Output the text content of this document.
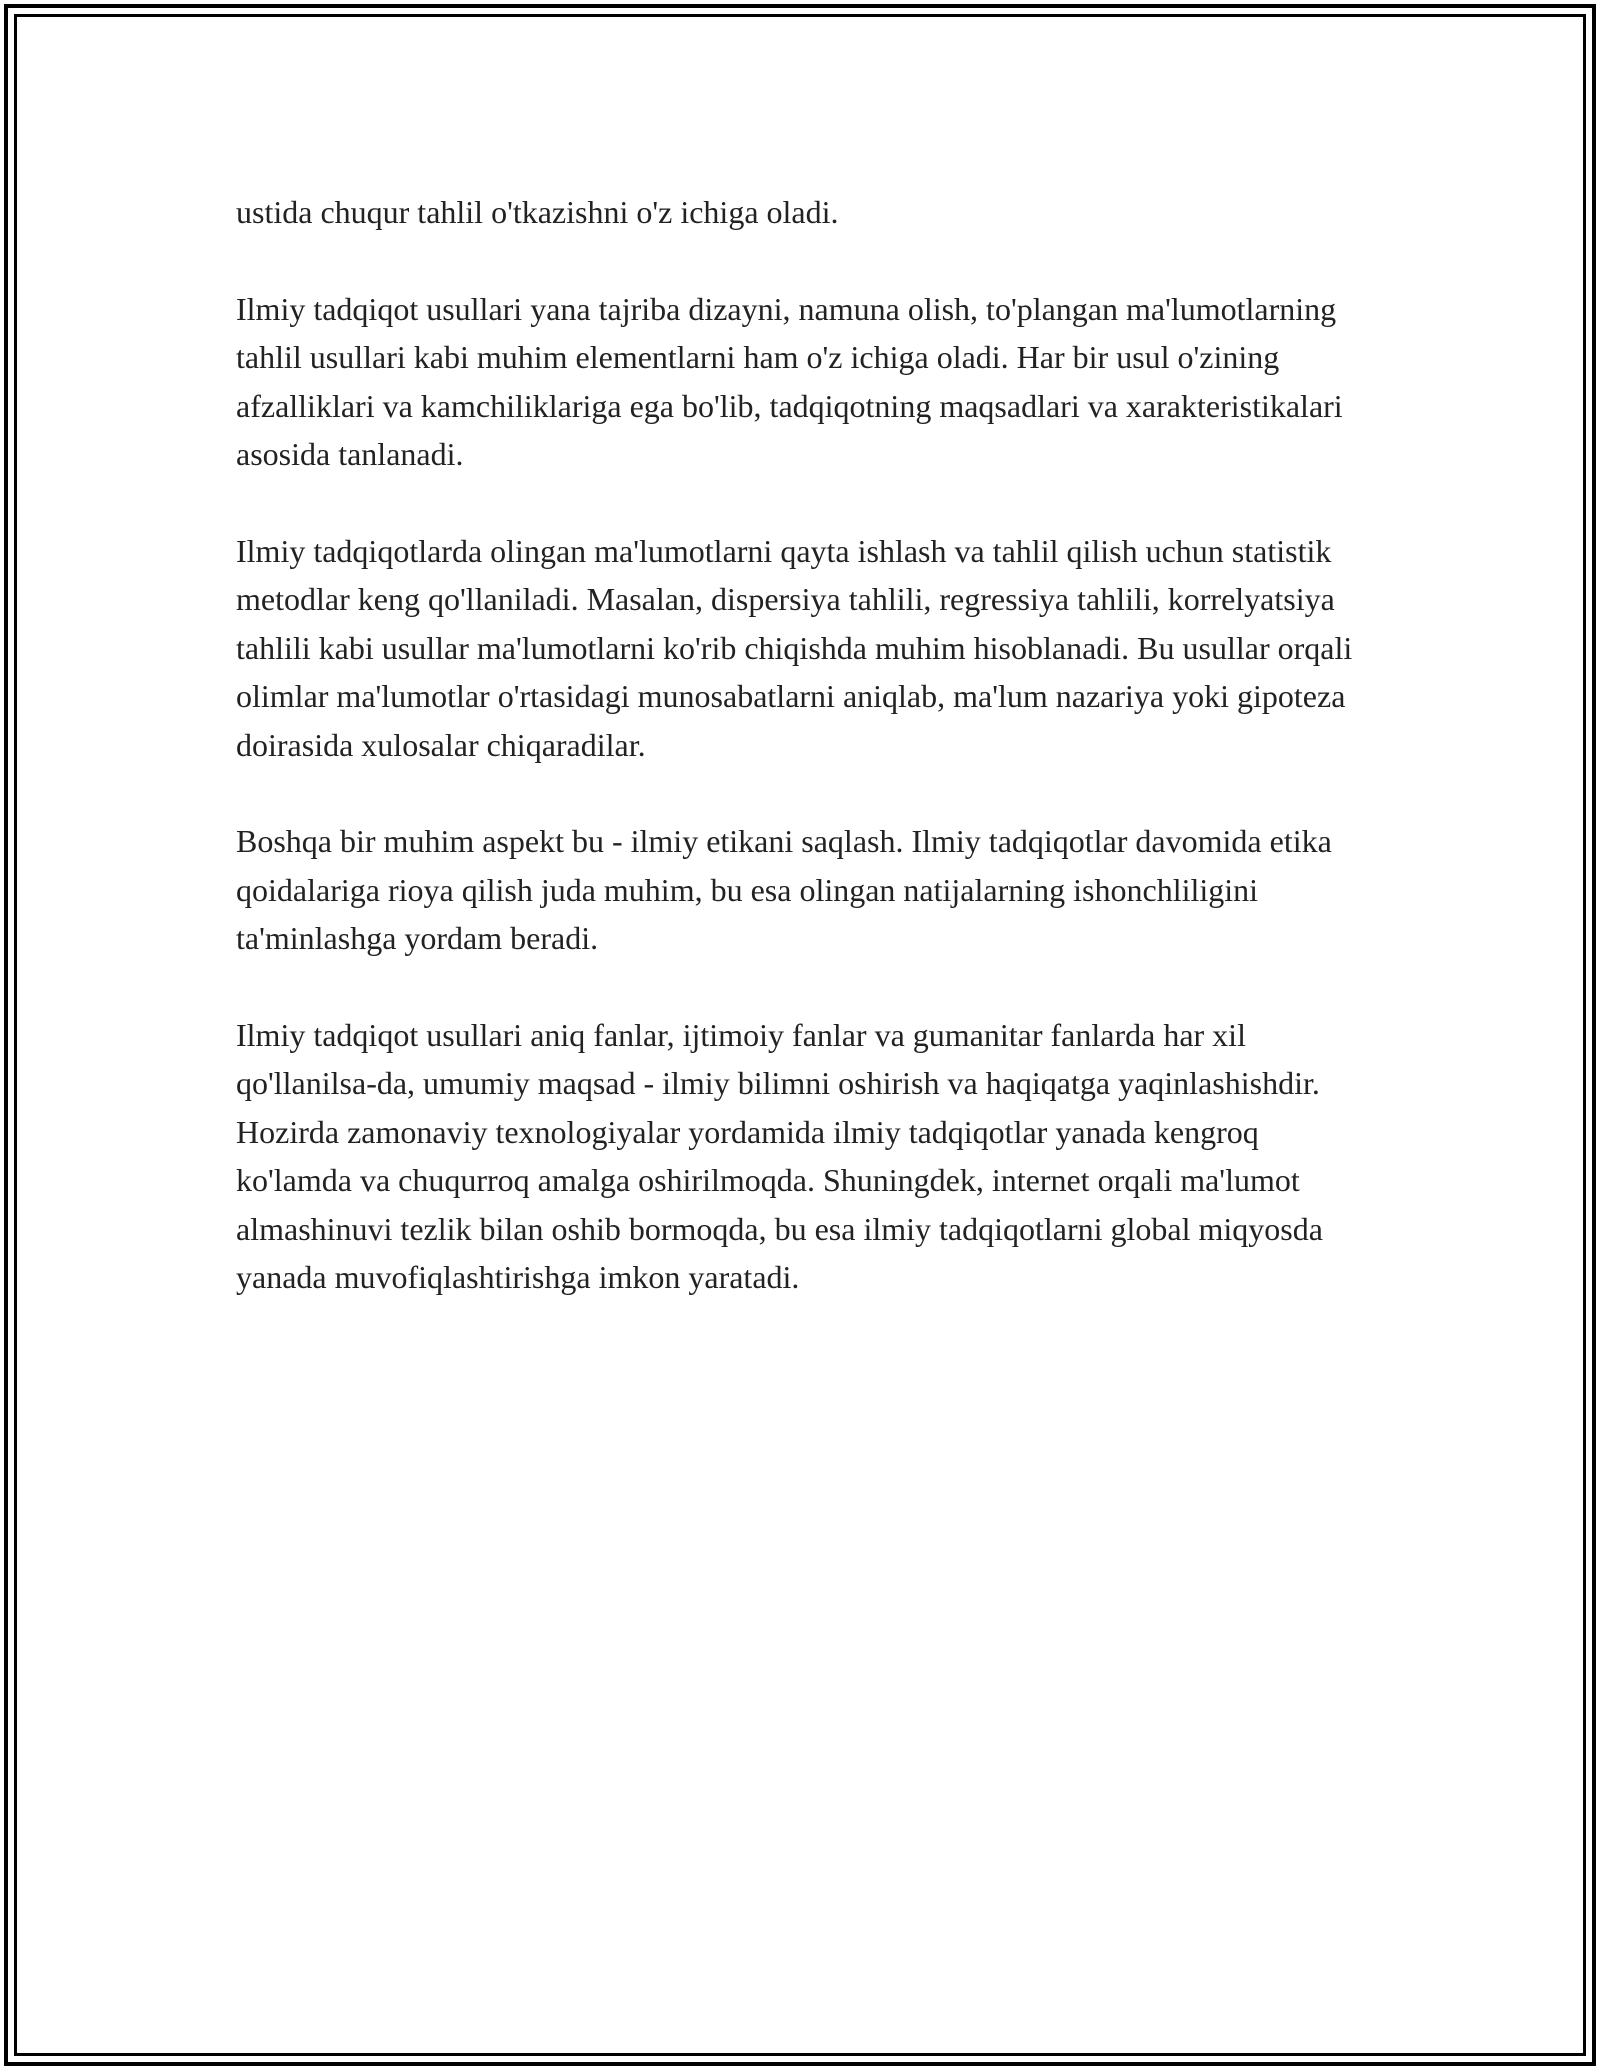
ustida chuqur tahlil o'tkazishni o'z ichiga oladi.

Ilmiy tadqiqot usullari yana tajriba dizayni, namuna olish, to'plangan ma'lumotlarning tahlil usullari kabi muhim elementlarni ham o'z ichiga oladi. Har bir usul o'zining afzalliklari va kamchiliklariga ega bo'lib, tadqiqotning maqsadlari va xarakteristikalari asosida tanlanadi.

Ilmiy tadqiqotlarda olingan ma'lumotlarni qayta ishlash va tahlil qilish uchun statistik metodlar keng qo'llaniladi. Masalan, dispersiya tahlili, regressiya tahlili, korrelyatsiya tahlili kabi usullar ma'lumotlarni ko'rib chiqishda muhim hisoblanadi. Bu usullar orqali olimlar ma'lumotlar o'rtasidagi munosabatlarni aniqlab, ma'lum nazariya yoki gipoteza doirasida xulosalar chiqaradilar.

Boshqa bir muhim aspekt bu - ilmiy etikani saqlash. Ilmiy tadqiqotlar davomida etika qoidalariga rioya qilish juda muhim, bu esa olingan natijalarning ishonchliligini ta'minlashga yordam beradi.

Ilmiy tadqiqot usullari aniq fanlar, ijtimoiy fanlar va gumanitar fanlarda har xil qo'llanilsa-da, umumiy maqsad - ilmiy bilimni oshirish va haqiqatga yaqinlashishdir. Hozirda zamonaviy texnologiyalar yordamida ilmiy tadqiqotlar yanada kengroq ko'lamda va chuqurroq amalga oshirilmoqda. Shuningdek, internet orqali ma'lumot almashinuvi tezlik bilan oshib bormoqda, bu esa ilmiy tadqiqotlarni global miqyosda yanada muvofiqlashtirishga imkon yaratadi.
